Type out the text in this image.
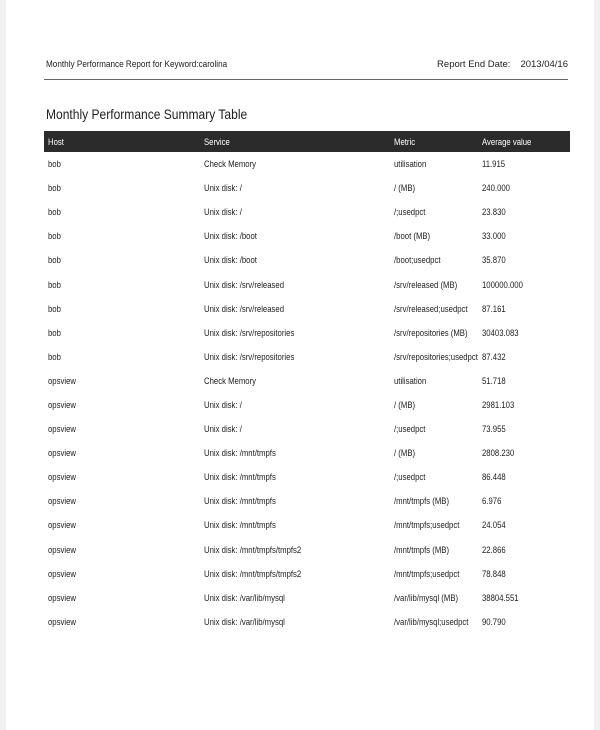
Monthly Performance Report for Keyword:carolina	Report End Date: 2013/04/16
Monthly Performance Summary Table
Host	Service	Metric	Average value
bob	Check Memory	utilisation	11.915
bob	Unix disk: /	/ (MB)	240.000
bob	Unix disk: /	/;usedpct	23.830
bob	Unix disk: /boot	/boot (MB)	33.000
bob	Unix disk: /boot	/boot;usedpct	35.870
bob	Unix disk: /srv/released	/srv/released (MB)	100000.000
bob	Unix disk: /srv/released	/srv/released;usedpct 87.161
bob	Unix disk: /srv/repositories	/srv/repositories (MB) 30403.083
bob	Unix disk: /srv/repositories	/srv/repositories;usedpct 87.432
opsview	Check Memory	utilisation	51.718
opsview	Unix disk: /	/ (MB)	2981.103
opsview	Unix disk: /	/;usedpct	73.955
opsview	Unix disk: /mnt/tmpfs	/ (MB)	2808.230
opsview	Unix disk: /mnt/tmpfs	/;usedpct	86.448
opsview	Unix disk: /mnt/tmpfs	/mnt/tmpfs (MB)	6.976
opsview	Unix disk: /mnt/tmpfs	/mnt/tmpfs;usedpct	24.054
opsview	Unix disk: /mnt/tmpfs/tmpfs2	/mnt/tmpfs (MB)	22.866
opsview	Unix disk: /mnt/tmpfs/tmpfs2	/mnt/tmpfs;usedpct	78.848
opsview	Unix disk: /var/lib/mysql	/var/lib/mysql (MB)	38804.551
opsview	Unix disk: /var/lib/mysql	/var/lib/mysql;usedpct 90.790
